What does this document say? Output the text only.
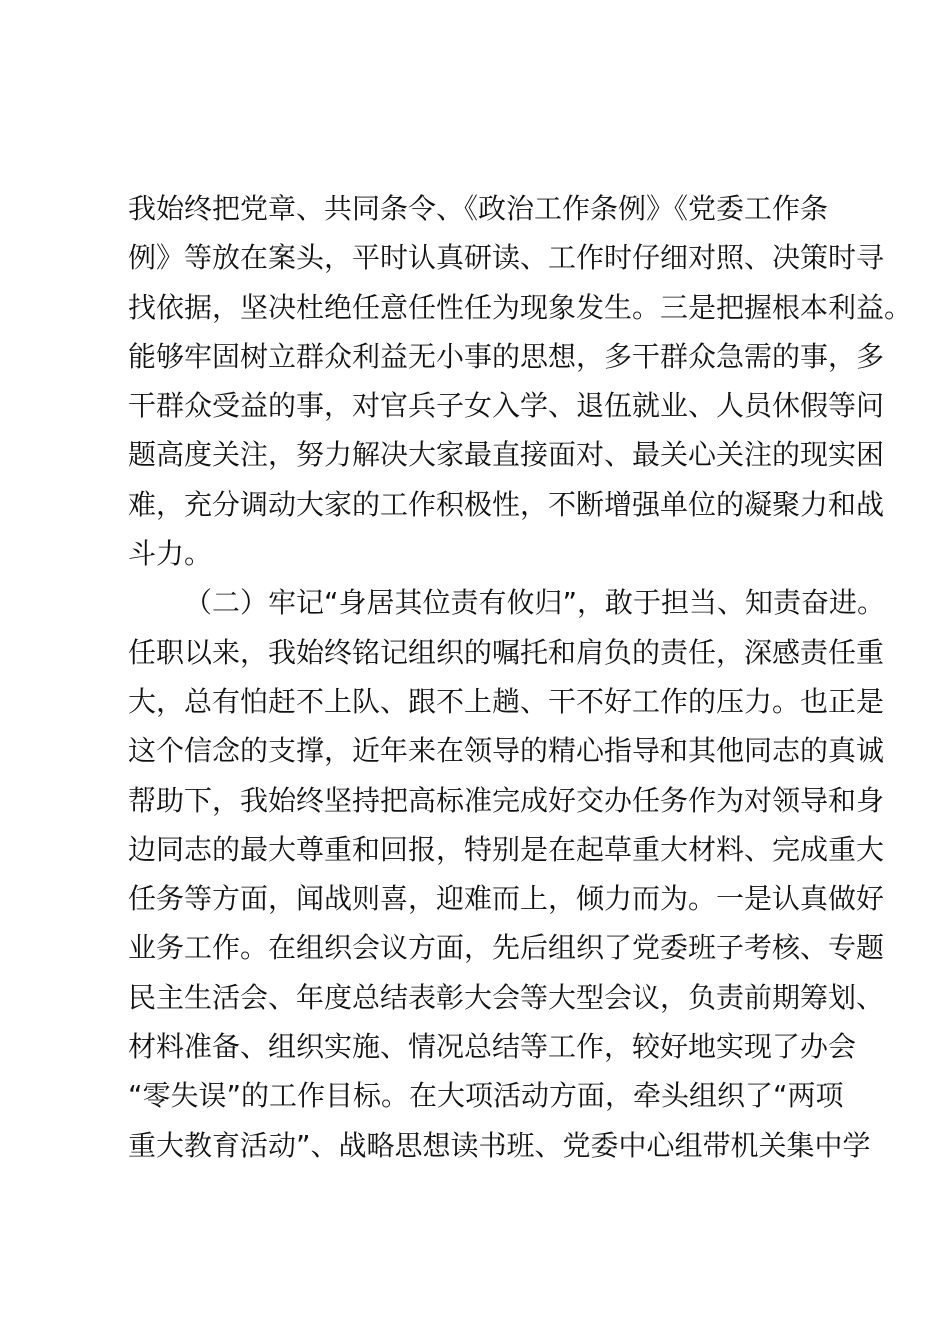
我始终把党章、共同条令、《政治工作条例》《党委工作条
例》等放在案头，平时认真研读、工作时仔细对照、决策时寻
找依据，坚决杜绝任意任性任为现象发生。三是把握根本利益。
能够牢固树立群众利益无小事的思想，多干群众急需的事，多
干群众受益的事，对官兵子女入学、退伍就业、人员休假等问
题高度关注，努力解决大家最直接面对、最关心关注的现实困
难，充分调动大家的工作积极性，不断增强单位的凝聚力和战
斗力。
（二）牢记“身居其位责有攸归”，敢于担当、知责奋进。
任职以来，我始终铭记组织的嘱托和肩负的责任，深感责任重
大，总有怕赶不上队、跟不上趟、干不好工作的压力。也正是
这个信念的支撑，近年来在领导的精心指导和其他同志的真诚
帮助下，我始终坚持把高标准完成好交办任务作为对领导和身
边同志的最大尊重和回报，特别是在起草重大材料、完成重大
任务等方面，闻战则喜，迎难而上，倾力而为。一是认真做好
业务工作。在组织会议方面，先后组织了党委班子考核、专题
民主生活会、年度总结表彰大会等大型会议，负责前期筹划、
材料准备、组织实施、情况总结等工作，较好地实现了办会
“零失误”的工作目标。在大项活动方面，牵头组织了“两项
重大教育活动”、战略思想读书班、党委中心组带机关集中学
